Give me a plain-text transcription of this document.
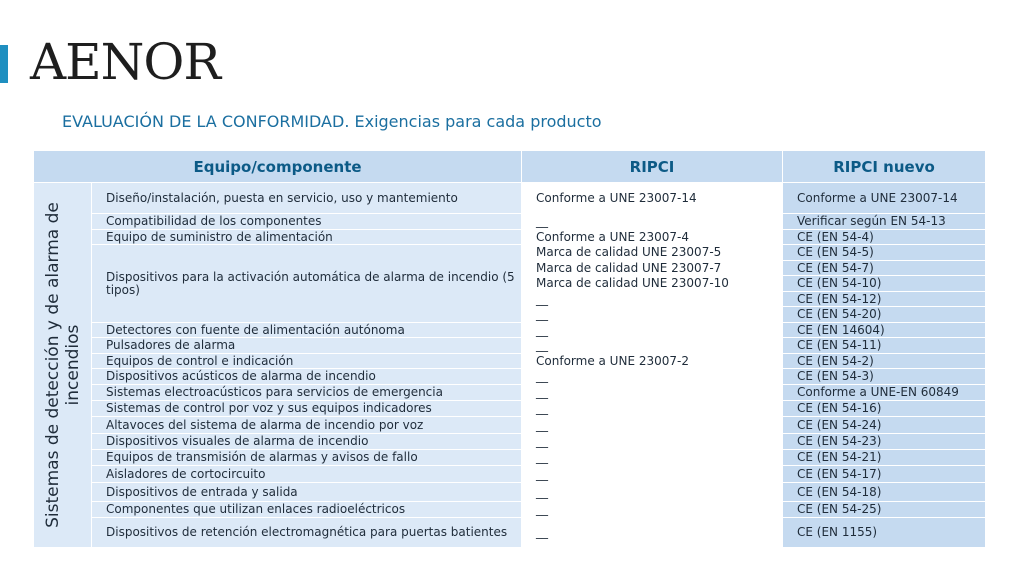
AENOR
EVALUACIÓN DE LA CONFORMIDAD. Exigencias para cada producto
Equipo/componente		RIPCI	RIPCI nuevo

Sistemas de detección y de alarma de incendios	Diseño/instalación, puesta en servicio, uso y mantemiento	Conforme a UNE 23007-14	Conforme a UNE 23007-14
	Compatibilidad de los componentes	__	Verificar según EN 54-13
	Equipo de suministro de alimentación	Conforme a UNE 23007-4	CE (EN 54-4)
	Dispositivos para la activación automática de alarma de incendio (5 tipos)	Marca de calidad UNE 23007-5	CE (EN 54-5)
		Marca de calidad UNE 23007-7	CE (EN 54-7)
		Marca de calidad UNE 23007-10	CE (EN 54-10)
		__	CE (EN 54-12)
		__	CE (EN 54-20)
	Detectores con fuente de alimentación autónoma	__	CE (EN 14604)
	Pulsadores de alarma	__	CE (EN 54-11)
	Equipos de control e indicación	Conforme a UNE 23007-2	CE (EN 54-2)
	Dispositivos acústicos de alarma de incendio	__	CE (EN 54-3)
	Sistemas electroacústicos para servicios de emergencia	__	Conforme a UNE-EN 60849
	Sistemas de control por voz y sus equipos indicadores	__	CE (EN 54-16)
	Altavoces del sistema de alarma de incendio por voz	__	CE (EN 54-24)
	Dispositivos visuales de alarma de incendio	__	CE (EN 54-23)
	Equipos de transmisión de alarmas y avisos de fallo	__	CE (EN 54-21)
	Aisladores de cortocircuito	__	CE (EN 54-17)
	Dispositivos de entrada y salida	__	CE (EN 54-18)
	Componentes que utilizan enlaces radioeléctricos	__	CE (EN 54-25)
	Dispositivos de retención electromagnética para puertas batientes	__	CE (EN 1155)
